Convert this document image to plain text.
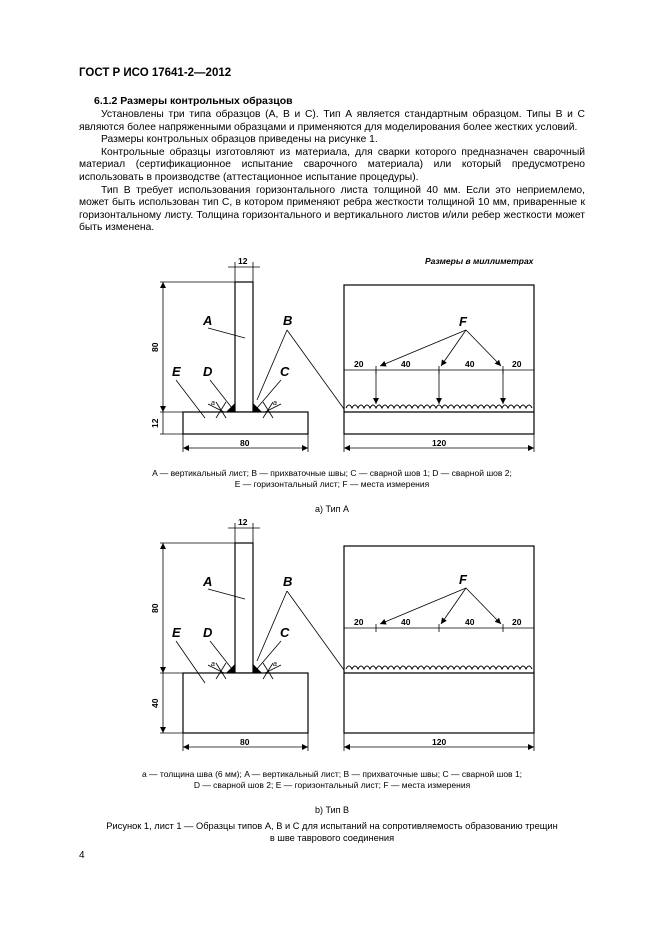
ГОСТ Р ИСО 17641-2—2012
6.1.2 Размеры контрольных образцов

Установлены три типа образцов (А, В и С). Тип А является стандартным образцом. Типы В и С являются более напряженными образцами и применяются для моделирования более жестких условий.

Размеры контрольных образцов приведены на рисунке 1.

Контрольные образцы изготовляют из материала, для сварки которого предназначен сварочный материал (сертификационное испытание сварочного материала) или который предусмотрено использовать в производстве (аттестационное испытание процедуры).

Тип В требует использования горизонтального листа толщиной 40 мм. Если это неприемлемо, может быть использован тип С, в котором применяют ребра жесткости толщиной 10 мм, приваренные к горизонтальному листу. Толщина горизонтального и вертикального листов и/или ребер жесткости может быть изменена.

Размеры в миллиметрах
12
80
12
80
A	B
E D	C
a	a
F
20	40	40	20
120
12
80
40
80
A	B
E D	C
a	a
F
20	40	40	20
120

A — вертикальный лист; B — прихваточные швы; C — сварной шов 1; D — сварной шов 2;

E — горизонтальный лист; F — места измерения

а) Тип А

a — толщина шва (6 мм); A — вертикальный лист; B — прихваточные швы; C — сварной шов 1;

D — сварной шов 2; E — горизонтальный лист; F — места измерения

b) Тип В

Рисунок 1, лист 1 — Образцы типов А, В и С для испытаний на сопротивляемость образованию трещин

в шве таврового соединения

4
